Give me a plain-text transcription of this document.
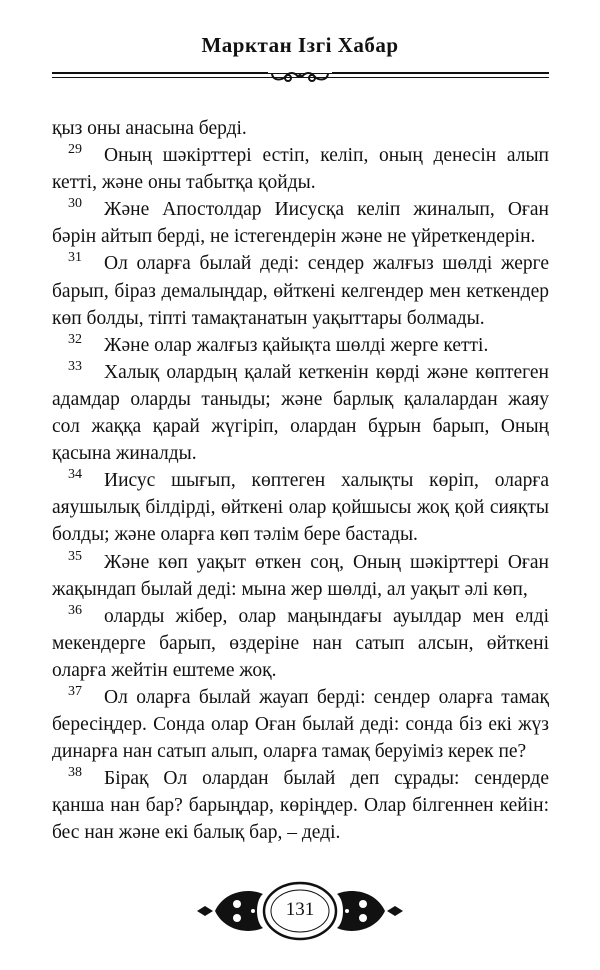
Марктан Ізгі Хабар
қыз оны анасына берді.
29 Оның шәкірттері естіп, келіп, оның денесін алып
кетті, және оны табытқа қойды.
30 Және Апостолдар Иисусқа келіп жиналып, Оған
бәрін айтып берді, не істегендерін және не үйреткендерін.
31 Ол оларға былай деді: сендер жалғыз шөлді жерге
барып, біраз демалыңдар, өйткені келгендер мен кеткендер
көп болды, тіпті тамақтанатын уақыттары болмады.
32 Және олар жалғыз қайықта шөлді жерге кетті.
33 Халық олардың қалай кеткенін көрді және көптеген
адамдар оларды таныды; және барлық қалалардан жаяу
сол жаққа қарай жүгіріп, олардан бұрын барып, Оның
қасына жиналды.
34 Иисус шығып, көптеген халықты көріп, оларға
аяушылық білдірді, өйткені олар қойшысы жоқ қой сияқты
болды; және оларға көп тәлім бере бастады.
35 Және көп уақыт өткен соң, Оның шәкірттері Оған
жақындап былай деді: мына жер шөлді, ал уақыт әлі көп,
36 оларды жібер, олар маңындағы ауылдар мен елді
мекендерге барып, өздеріне нан сатып алсын, өйткені
оларға жейтін ештеме жоқ.
37 Ол оларға былай жауап берді: сендер оларға тамақ
бересіңдер. Сонда олар Оған былай деді: сонда біз екі жүз
динарға нан сатып алып, оларға тамақ беруіміз керек пе?
38 Бірақ Ол олардан былай деп сұрады: сендерде
қанша нан бар? барыңдар, көріңдер. Олар білгеннен кейін:
бес нан және екі балық бар, – деді.
131
